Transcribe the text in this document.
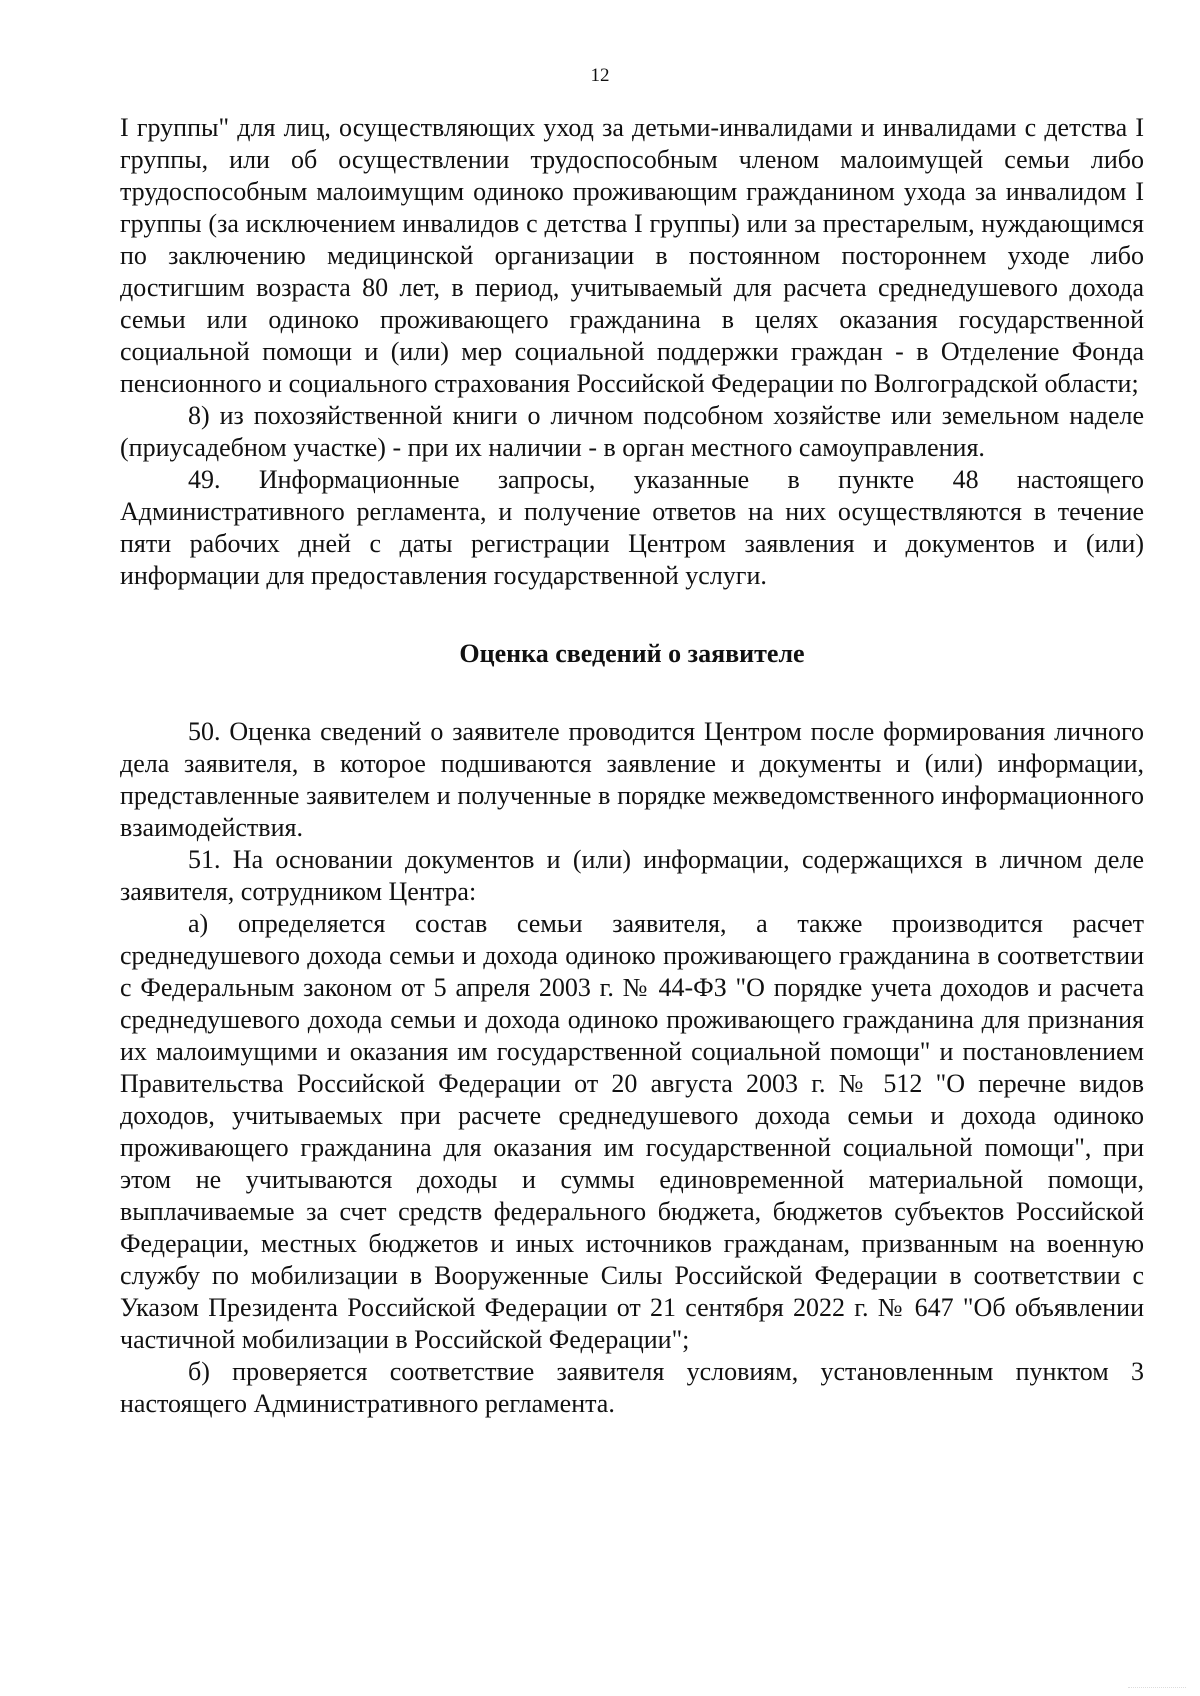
12

I группы" для лиц, осуществляющих уход за детьми-инвалидами и инвалидами с детства I группы, или об осуществлении трудоспособным членом малоимущей семьи либо трудоспособным малоимущим одиноко проживающим гражданином ухода за инвалидом I группы (за исключением инвалидов с детства I группы) или за престарелым, нуждающимся по заключению медицинской организации в постоянном постороннем уходе либо достигшим возраста 80 лет, в период, учитываемый для расчета среднедушевого дохода семьи или одиноко проживающего гражданина в целях оказания государственной социальной помощи и (или) мер социальной поддержки граждан - в Отделение Фонда пенсионного и социального страхования Российской Федерации по Волгоградской области;

8) из похозяйственной книги о личном подсобном хозяйстве или земельном наделе (приусадебном участке) - при их наличии - в орган местного самоуправления.

49. Информационные запросы, указанные в пункте 48 настоящего Административного регламента, и получение ответов на них осуществляются в течение пяти рабочих дней с даты регистрации Центром заявления и документов и (или) информации для предоставления государственной услуги.

Оценка сведений о заявителе

50. Оценка сведений о заявителе проводится Центром после формирования личного дела заявителя, в которое подшиваются заявление и документы и (или) информации, представленные заявителем и полученные в порядке межведомственного информационного взаимодействия.

51. На основании документов и (или) информации, содержащихся в личном деле заявителя, сотрудником Центра:

а) определяется состав семьи заявителя, а также производится расчет среднедушевого дохода семьи и дохода одиноко проживающего гражданина в соответствии с Федеральным законом от 5 апреля 2003 г. № 44-ФЗ "О порядке учета доходов и расчета среднедушевого дохода семьи и дохода одиноко проживающего гражданина для признания их малоимущими и оказания им государственной социальной помощи" и постановлением Правительства Российской Федерации от 20 августа 2003 г. № 512 "О перечне видов доходов, учитываемых при расчете среднедушевого дохода семьи и дохода одиноко проживающего гражданина для оказания им государственной социальной помощи", при этом не учитываются доходы и суммы единовременной материальной помощи, выплачиваемые за счет средств федерального бюджета, бюджетов субъектов Российской Федерации, местных бюджетов и иных источников гражданам, призванным на военную службу по мобилизации в Вооруженные Силы Российской Федерации в соответствии с Указом Президента Российской Федерации от 21 сентября 2022 г. № 647 "Об объявлении частичной мобилизации в Российской Федерации";

б) проверяется соответствие заявителя условиям, установленным пунктом 3 настоящего Административного регламента.
